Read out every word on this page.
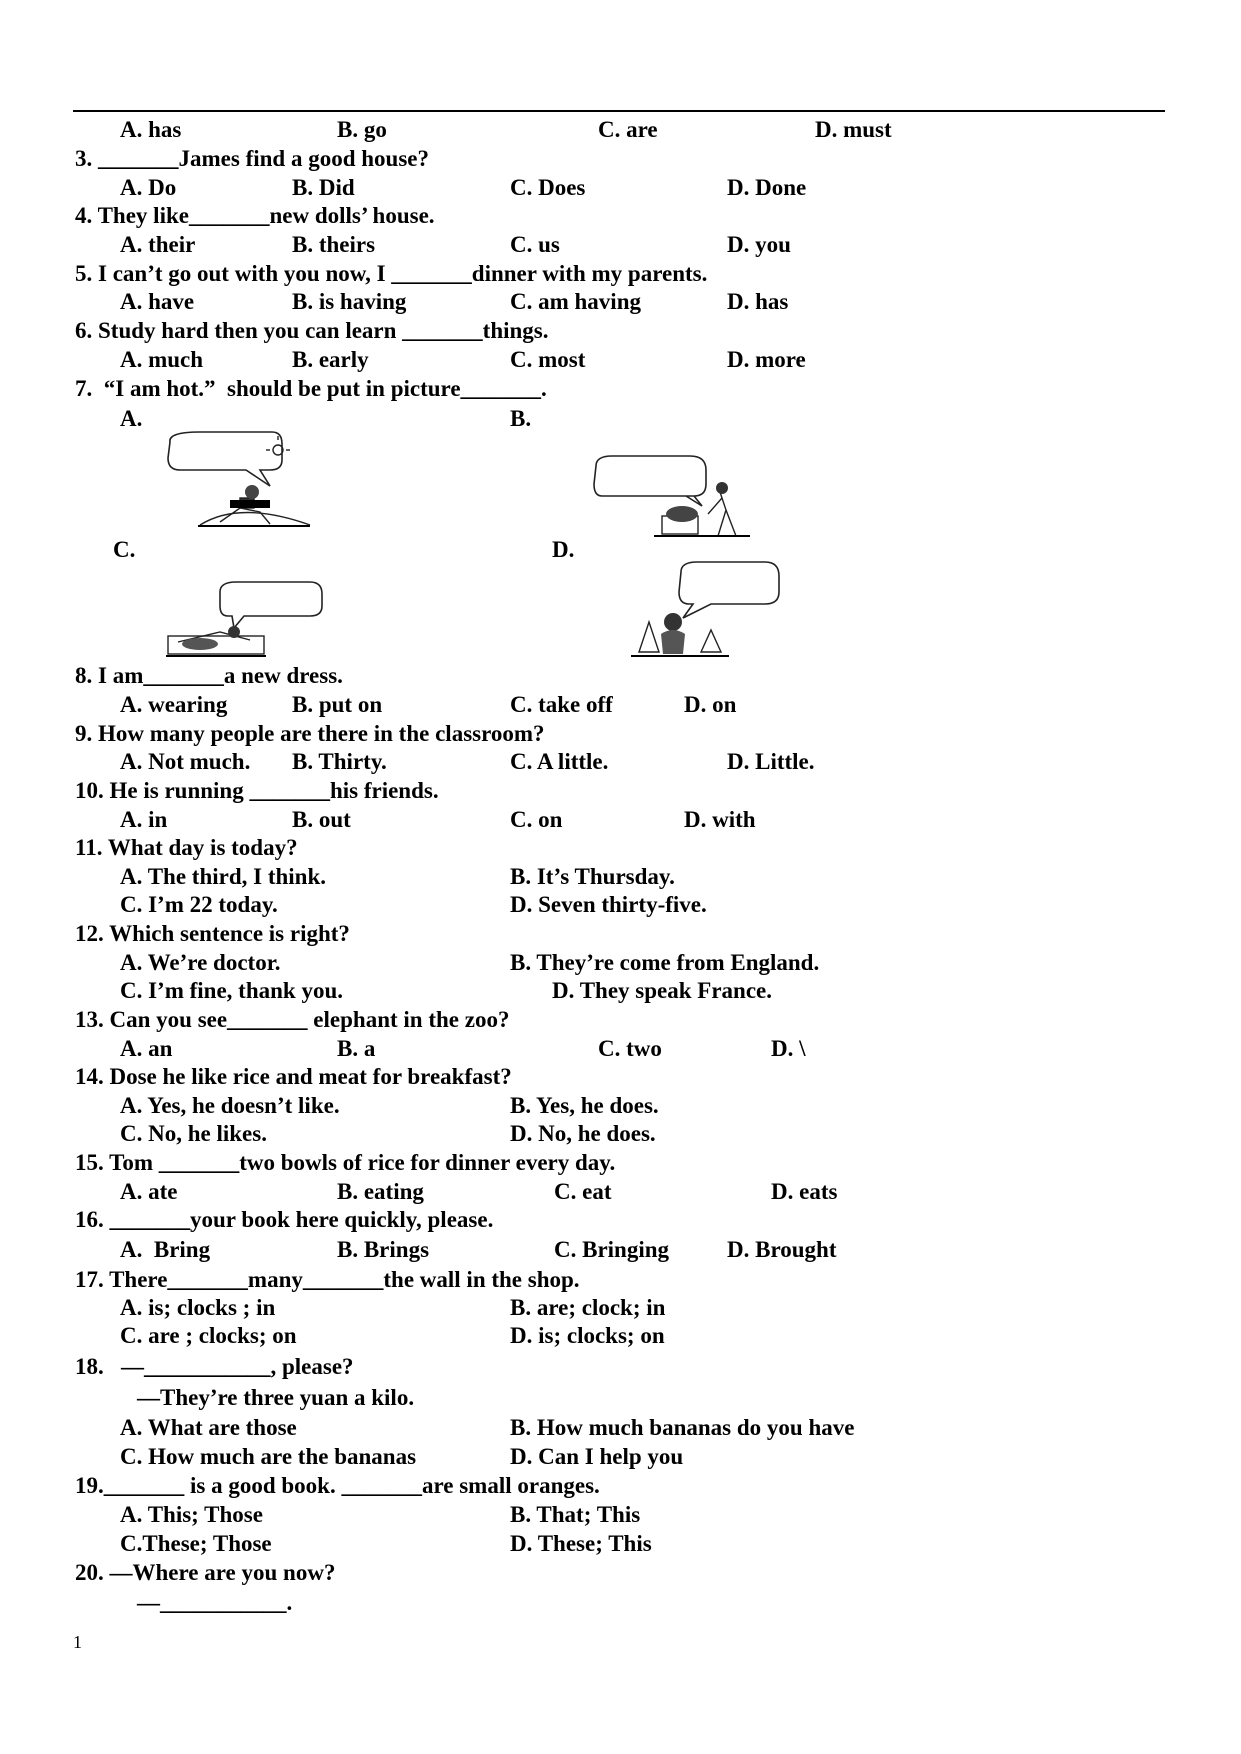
A. has	B. go	C. are	D. must
3. _______James find a good house?
A. Do	B. Did	C. Does	D. Done
4. They like_______new dolls’ house.
A. their	B. theirs	C. us	D. you
5. I can’t go out with you now, I _______dinner with my parents.
A. have	B. is having	C. am having	D. has
6. Study hard then you can learn _______things.
A. much	B. early	C. most	D. more
7.  “I am hot.”  should be put in picture_______.
A.	B.
C.	D.
8. I am_______a new dress.
A. wearing	B. put on	C. take off	D. on
9. How many people are there in the classroom?
A. Not much. B. Thirty.	C. A little.	D. Little.
10. He is running _______his friends.
A. in	B. out	C. on	D. with
11. What day is today?
A. The third, I think.	B. It’s Thursday.
C. I’m 22 today.	D. Seven thirty-five.
12. Which sentence is right?
A. We’re doctor.	B. They’re come from England.
C. I’m fine, thank you.	D. They speak France.
13. Can you see_______ elephant in the zoo?
A. an	B. a	C. two	D. \
14. Dose he like rice and meat for breakfast?
A. Yes, he doesn’t like.	B. Yes, he does.
C. No, he likes.	D. No, he does.
15. Tom _______two bowls of rice for dinner every day.
A. ate	B. eating	C. eat	D. eats
16. _______your book here quickly, please.
A.  Bring	B. Brings	C. Bringing	D. Brought
17. There_______many_______the wall in the shop.
A. is; clocks ; in	B. are; clock; in
C. are ; clocks; on	D. is; clocks; on
18.   —___________, please?
—They’re three yuan a kilo.
A. What are those	B. How much bananas do you have
C. How much are the bananas	D. Can I help you
19._______ is a good book. _______are small oranges.
A. This; Those	B. That; This
C.These; Those	D. These; This
20. —Where are you now?
—___________.
1
